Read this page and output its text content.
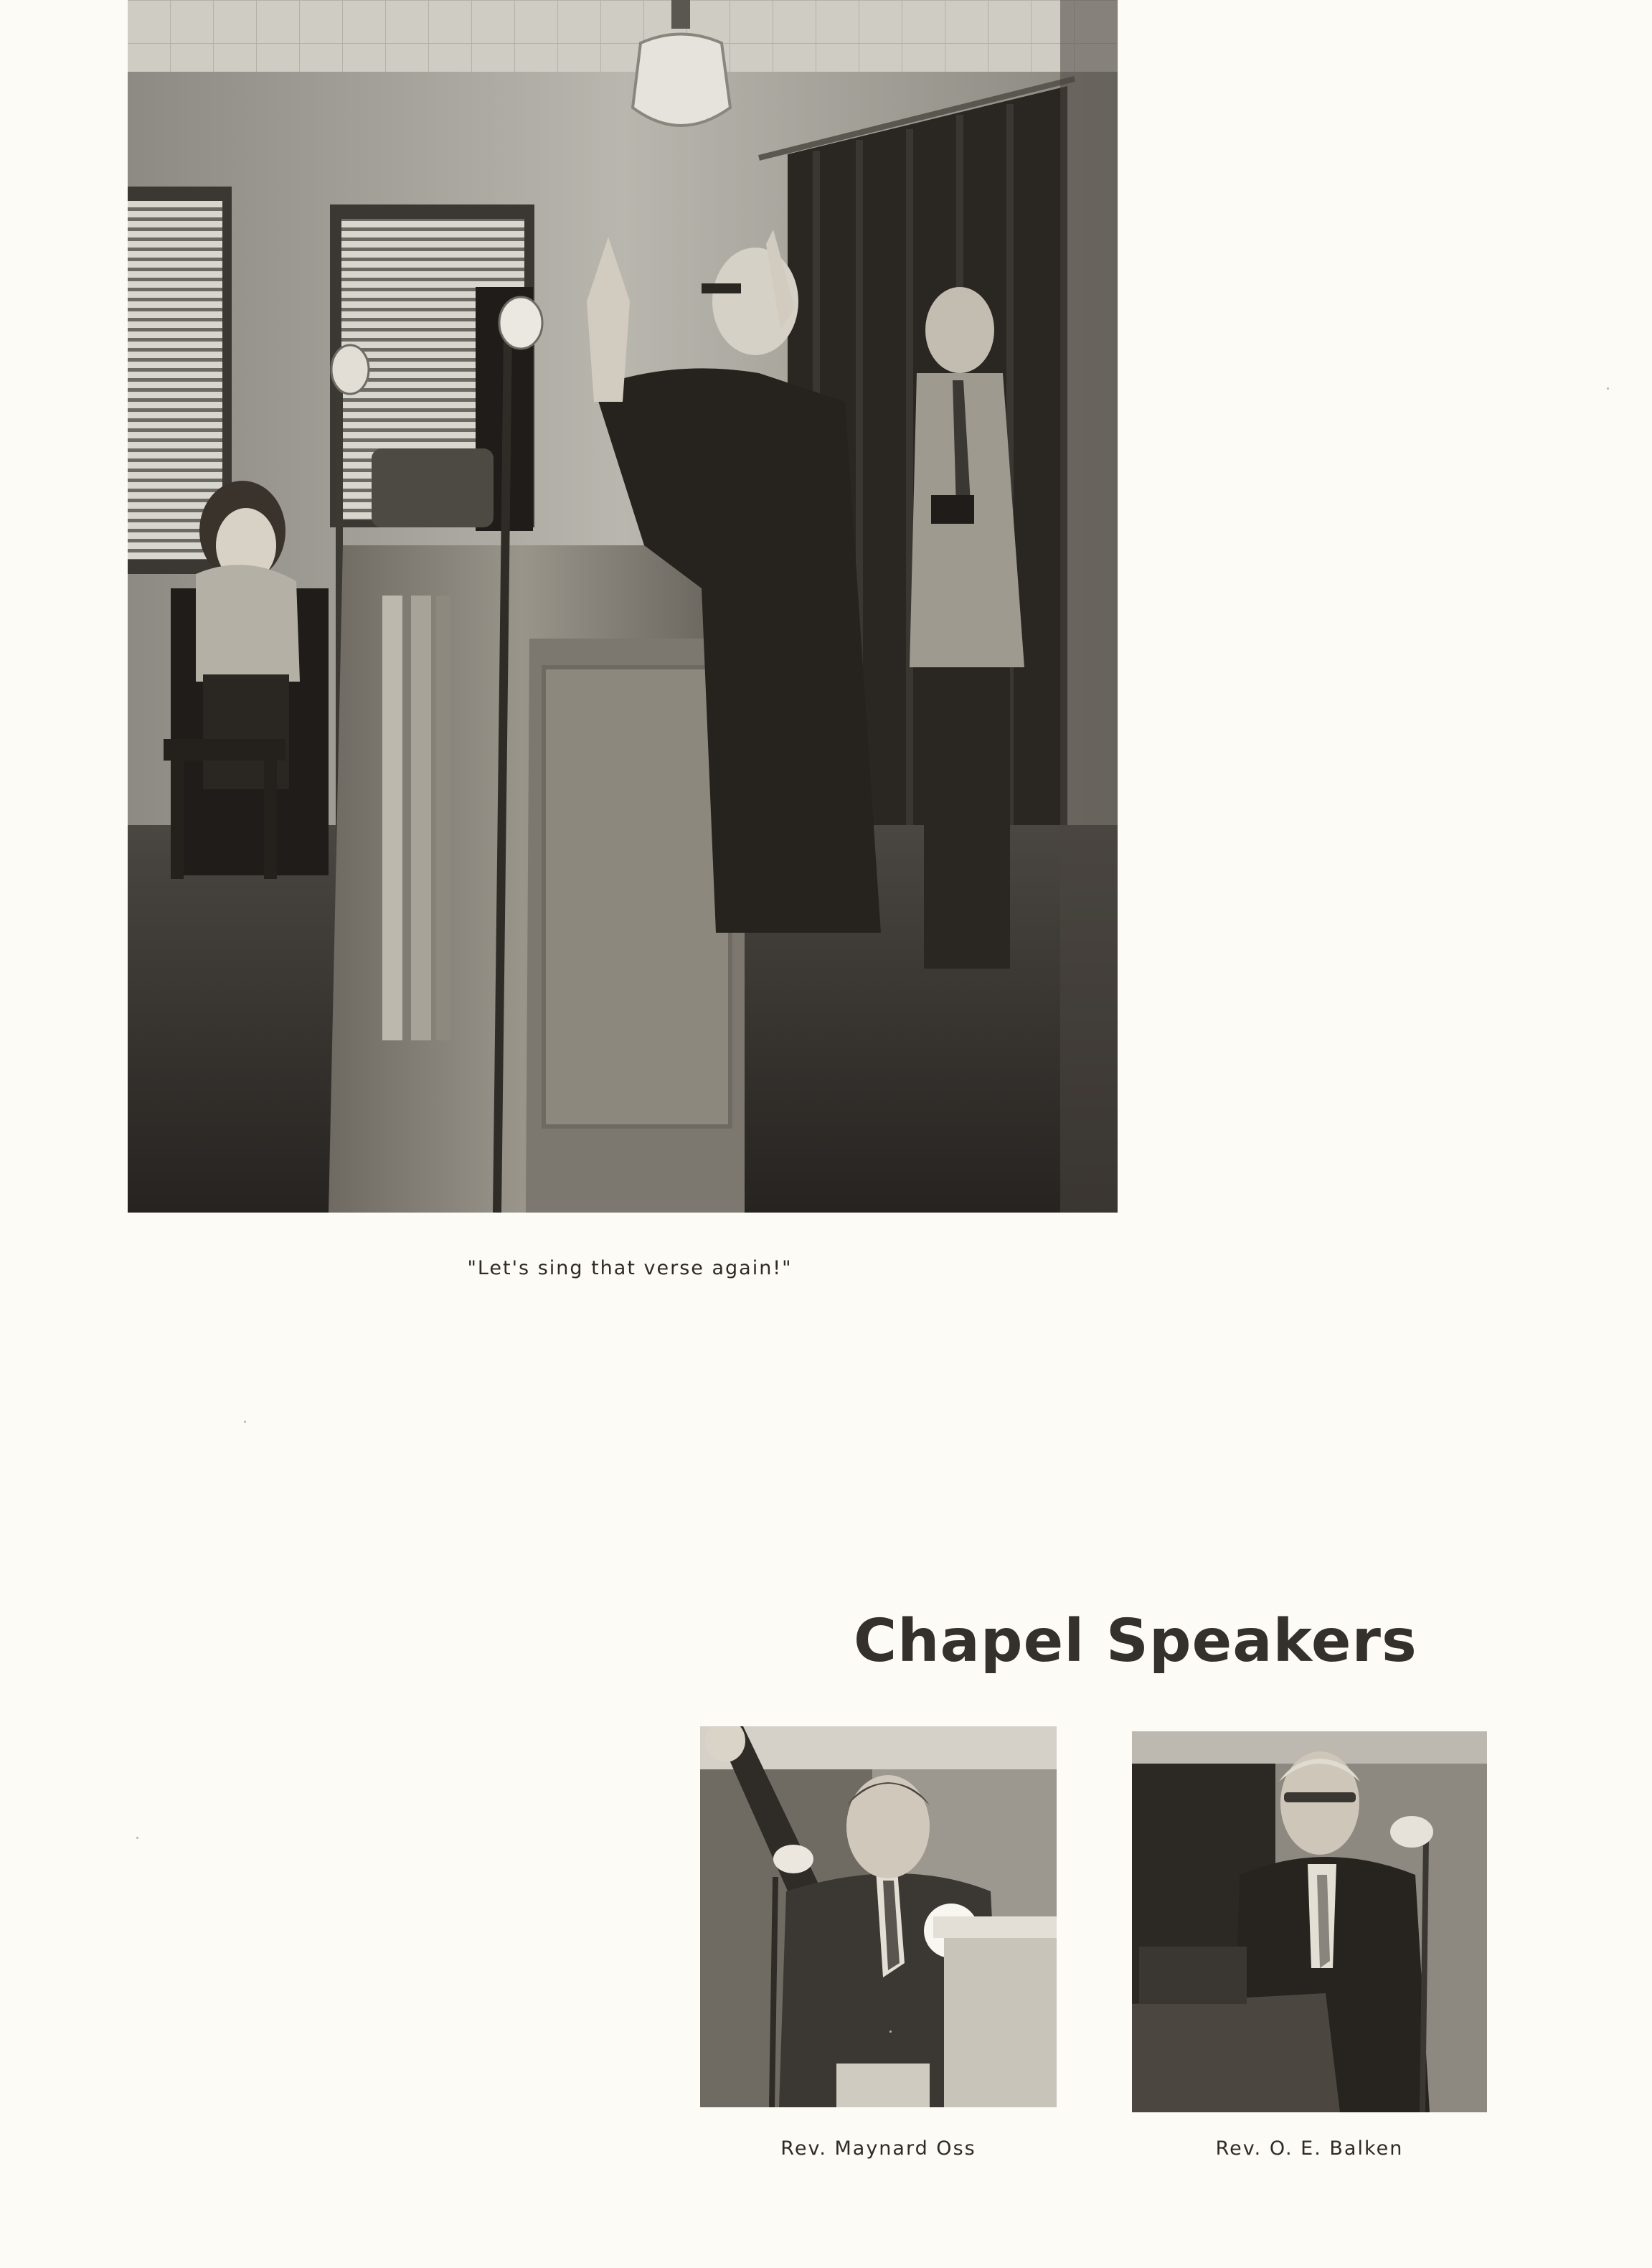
"Let's sing that verse again!"
Chapel Speakers
Rev. Maynard Oss	Rev. O. E. Balken
